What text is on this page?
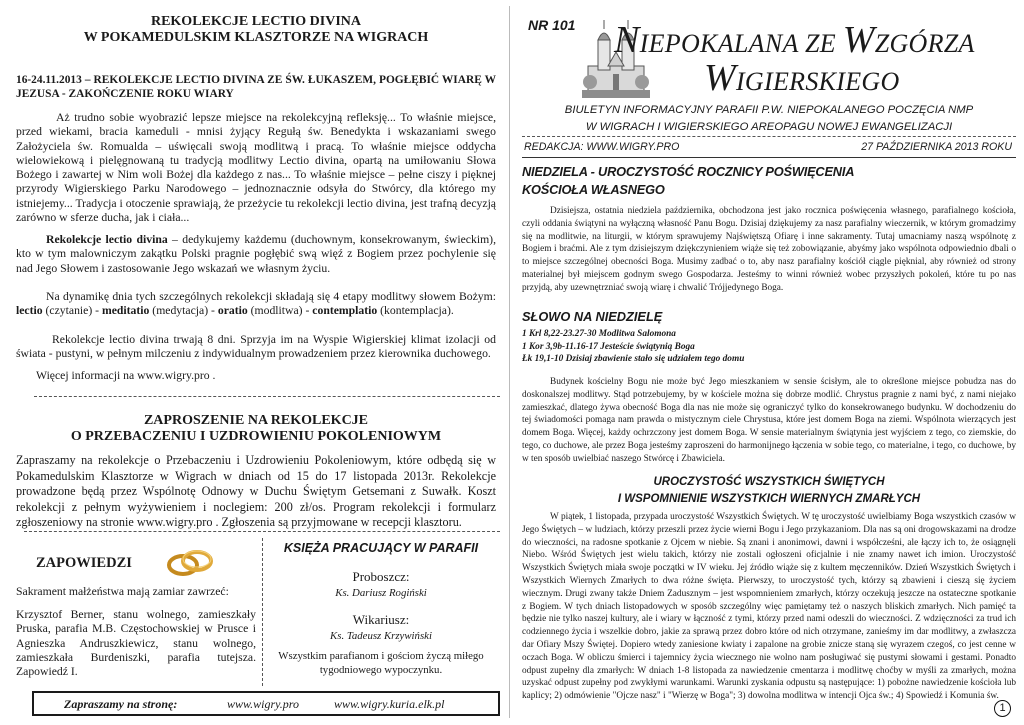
REKOLEKCJE LECTIO DIVINA
W POKAMEDULSKIM KLASZTORZE NA WIGRACH
16-24.11.2013 – REKOLEKCJE LECTIO DIVINA ZE ŚW. ŁUKASZEM, POGŁĘBIĆ WIARĘ W JEZUSA - ZAKOŃCZENIE ROKU WIARY

Aż trudno sobie wyobrazić lepsze miejsce na rekolekcyjną refleksję... To właśnie miejsce, przed wiekami, bracia kameduli - mnisi żyjący Regułą św. Benedykta i wskazaniami swego Założyciela św. Romualda – uświęcali swoją modlitwą i pracą. To właśnie miejsce oddycha wielowiekową i pielęgnowaną tu tradycją modlitwy Lectio divina, opartą na umiłowaniu Słowa Bożego i zawartej w Nim woli Bożej dla każdego z nas... To właśnie miejsce – pełne ciszy i pięknej przyrody Wigierskiego Parku Narodowego – jednoznacznie odsyła do Stwórcy, dla którego my istniejemy... Tradycja i otoczenie sprawiają, że przeżycie tu rekolekcji lectio divina, jest trafną decyzją zarówno w sferze ducha, jak i ciała...

Rekolekcje lectio divina – dedykujemy każdemu (duchownym, konsekrowanym, świeckim), kto w tym malowniczym zakątku Polski pragnie pogłębić swą więź z Bogiem przez pochylenie się nad Jego Słowem i zastosowanie Jego wskazań we własnym życiu.

Na dynamikę dnia tych szczególnych rekolekcji składają się 4 etapy modlitwy słowem Bożym: lectio (czytanie) - meditatio (medytacja) - oratio (modlitwa) - contemplatio (kontemplacja).

Rekolekcje lectio divina trwają 8 dni. Sprzyja im na Wyspie Wigierskiej klimat izolacji od świata - pustyni, w pełnym milczeniu z indywidualnym prowadzeniem przez kierownika duchowego.

Więcej informacji na www.wigry.pro .

ZAPROSZENIE NA REKOLEKCJE
O PRZEBACZENIU I UZDROWIENIU POKOLENIOWYM

Zapraszamy na rekolekcje o Przebaczeniu i Uzdrowieniu Pokoleniowym, które odbędą się w Pokamedulskim Klasztorze w Wigrach w dniach od 15 do 17 listopada 2013r. Rekolekcje prowadzone będą przez Wspólnotę Odnowy w Duchu Świętym Getsemani z Suwałk. Koszt rekolekcji z pełnym wyżywieniem i noclegiem: 200 zł/os. Program rekolekcji i formularz zgłoszeniowy na stronie www.wigry.pro . Zgłoszenia są przyjmowane w recepcji klasztoru.

ZAPOWIEDZI
Sakrament małżeństwa mają zamiar zawrzeć:

Krzysztof Berner, stanu wolnego, zamieszkały Pruska, parafia M.B. Częstochowskiej w Prusce i Agnieszka Andruszkiewicz, stanu wolnego, zamieszkała Burdeniszki, parafia tutejsza. Zapowiedź I.

KSIĘŻA PRACUJĄCY W PARAFII
Proboszcz:
Ks. Dariusz Rogiński
Wikariusz:
Ks. Tadeusz Krzywiński
Wszystkim parafianom i gościom życzą miłego tygodniowego wypoczynku.
Zapraszamy na stronę:	www.wigry.pro	www.wigry.kuria.elk.pl
NR 101 NIEPOKALANA ZE WZGÓRZA
WIGIERSKIEGO
BIULETYN INFORMACYJNY PARAFII P.W. NIEPOKALANEGO POCZĘCIA NMP
W WIGRACH I WIGIERSKIEGO AREOPAGU NOWEJ EWANGELIZACJI
REDAKCJA: WWW.WIGRY.PRO	27 PAŹDZIERNIKA 2013 ROKU
NIEDZIELA - UROCZYSTOŚĆ ROCZNICY POŚWIĘCENIA
KOŚCIOŁA WŁASNEGO

Dzisiejsza, ostatnia niedziela października, obchodzona jest jako rocznica poświęcenia własnego, parafialnego kościoła, czyli oddania świątyni na wyłączną własność Panu Bogu. Dzisiaj dziękujemy za nasz parafialny wieczernik, w którym gromadzimy się na modlitwie, na liturgii, w którym sprawujemy Najświętszą Ofiarę i inne sakramenty. Tutaj umacniamy naszą wspólnotę z Bogiem i braćmi. Ale z tym dzisiejszym dziękczynieniem wiąże się też zobowiązanie, abyśmy jako wspólnota odpowiednio dbali o to miejsce szczególnej obecności Boga. Musimy zadbać o to, aby nasz parafialny kościół ciągle pięknial, aby również od strony materialnej był miejscem godnym swego Gospodarza. Jesteśmy to winni również wobec przyszłych pokoleń, które tu po nas przyjdą, aby uzewnętrzniać swoją wiarę i chwalić Trójjedynego Boga.

SŁOWO NA NIEDZIELĘ
1 Krl 8,22-23.27-30 Modlitwa Salomona
1 Kor 3,9b-11.16-17 Jesteście świątynią Boga
Łk 19,1-10 Dzisiaj zbawienie stało się udziałem tego domu

Budynek kościelny Bogu nie może być Jego mieszkaniem w sensie ścisłym, ale to określone miejsce pobudza nas do doskonalszej modlitwy. Stąd potrzebujemy, by w kościele można się dobrze modlić. Chrystus pragnie z nami być, z nami niejako zamieszkać, dlatego żywa obecność Boga dla nas nie może się ograniczyć tylko do konsekrowanego budynku. W dochodzeniu do tej świadomości pomaga nam prawda o mistycznym ciele Chrystusa, które jest domem Boga na ziemi. Wspólnota wierzących jest domem Boga. Więcej, każdy ochrzczony jest domem Boga. W sensie materialnym świątynia jest wyjściem z tego, co ziemskie, do tego, co duchowe, ale przez Boga jesteśmy zaproszeni do harmonijnego łączenia w sobie tego, co materialne, i tego, co duchowe, by w ten sposób uwielbiać naszego Stwórcę i Zbawiciela.

UROCZYSTOŚĆ WSZYSTKICH ŚWIĘTYCH
I WSPOMNIENIE WSZYSTKICH WIERNYCH ZMARŁYCH

W piątek, 1 listopada, przypada uroczystość Wszystkich Świętych. W tę uroczystość uwielbiamy Boga wszystkich czasów w Jego Świętych – w ludziach, którzy przeszli przez życie wierni Bogu i Jego przykazaniom. Dla nas są oni drogowskazami na drodze do wieczności, na radosne spotkanie z Ojcem w niebie. Są znani i anonimowi, dawni i współcześni, ale łączy ich to, że osiągnęli Niebo. Wśród Świętych jest wielu takich, którzy nie zostali ogłoszeni oficjalnie i nie znamy nawet ich imion. Uroczystość Wszystkich Świętych miała swoje początki w IV wieku. Jej źródło wiąże się z kultem męczenników. Dzień Wszystkich Świętych i Wszystkich Wiernych Zmarłych to dwa różne święta. Pierwszy, to uroczystość tych, którzy są zbawieni i cieszą się życiem wiecznym. Drugi zwany także Dniem Zadusznym – jest wspomnieniem zmarłych, którzy oczekują jeszcze na ostateczne spotkanie z Bogiem. W tych dniach listopadowych w sposób szczególny więc pamiętamy też o naszych bliskich zmarłych. Nich pamięć ta będzie nie tylko naszej kultury, ale i wiary w łączność z tymi, którzy przed nami odeszli do wieczności. Z wdzięczności za trud ich codziennego życia i wszelkie dobro, jakie za sprawą przez dobro które od nich otrzymane, zanieśmy im dar modlitwy, a zwłaszcza dar Ofiary Mszy Świętej. Dopiero wtedy zaniesione kwiaty i zapalone na grobie znicze staną się wyrazem czegoś, co jest cenne w oczach Boga. W obliczu śmierci i tajemnicy życia wiecznego nie wolno nam posługiwać się pustymi słowami i gestami. Ponadto odpust zupełny dla zmarłych: W dniach 1-8 listopada za nawiedzenie cmentarza i modlitwę choćby w myśli za zmarłych, można uzyskać odpust zupełny pod zwykłymi warunkami. Warunki zyskania odpustu są następujące: 1) pobożne nawiedzenie kościoła lub kaplicy; 2) odmówienie "Ojcze nasz" i "Wierzę w Boga"; 3) dowolna modlitwa w intencji Ojca św.; 4) Spowiedź i Komunia św.

1
